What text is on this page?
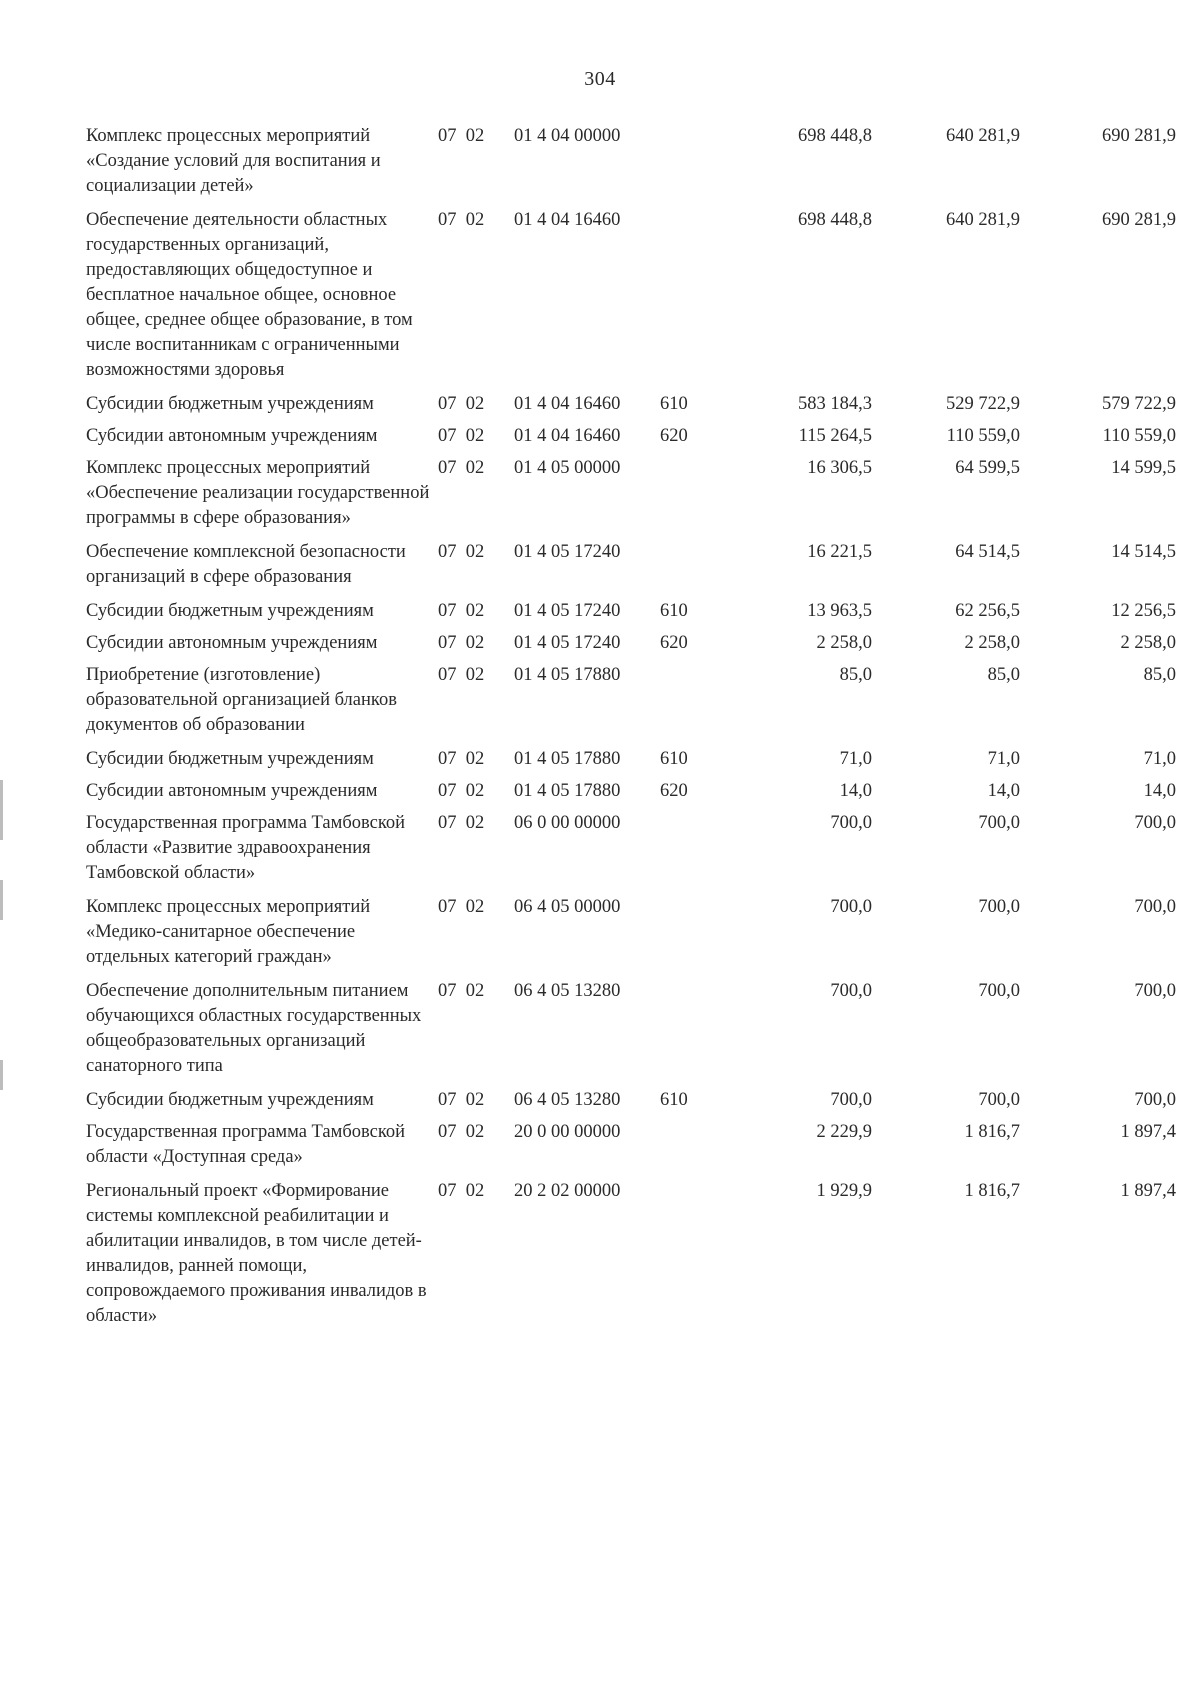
304
Комплекс процессных мероприятий «Создание условий для воспитания и социализации детей»	07  02	01 4 04 00000		698 448,8	640 281,9	690 281,9
Обеспечение деятельности областных государственных организаций, предоставляющих общедоступное и бесплатное начальное общее, основное общее, среднее общее образование, в том числе воспитанникам с ограниченными возможностями здоровья	07  02	01 4 04 16460		698 448,8	640 281,9	690 281,9
Субсидии бюджетным учреждениям	07  02	01 4 04 16460	610	583 184,3	529 722,9	579 722,9
Субсидии автономным учреждениям	07  02	01 4 04 16460	620	115 264,5	110 559,0	110 559,0
Комплекс процессных мероприятий «Обеспечение реализации государственной программы в сфере образования»	07  02	01 4 05 00000		16 306,5	64 599,5	14 599,5
Обеспечение комплексной безопасности организаций в сфере образования	07  02	01 4 05 17240		16 221,5	64 514,5	14 514,5
Субсидии бюджетным учреждениям	07  02	01 4 05 17240	610	13 963,5	62 256,5	12 256,5
Субсидии автономным учреждениям	07  02	01 4 05 17240	620	2 258,0	2 258,0	2 258,0
Приобретение (изготовление) образовательной организацией бланков документов об образовании	07  02	01 4 05 17880		85,0	85,0	85,0
Субсидии бюджетным учреждениям	07  02	01 4 05 17880	610	71,0	71,0	71,0
Субсидии автономным учреждениям	07  02	01 4 05 17880	620	14,0	14,0	14,0
Государственная программа Тамбовской области «Развитие здравоохранения Тамбовской области»	07  02	06 0 00 00000		700,0	700,0	700,0
Комплекс процессных мероприятий «Медико-санитарное обеспечение отдельных категорий граждан»	07  02	06 4 05 00000		700,0	700,0	700,0
Обеспечение дополнительным питанием обучающихся областных государственных общеобразовательных организаций санаторного типа	07  02	06 4 05 13280		700,0	700,0	700,0
Субсидии бюджетным учреждениям	07  02	06 4 05 13280	610	700,0	700,0	700,0
Государственная программа Тамбовской области «Доступная среда»	07  02	20 0 00 00000		2 229,9	1 816,7	1 897,4
Региональный проект «Формирование системы комплексной реабилитации и абилитации инвалидов, в том числе детей-инвалидов, ранней помощи, сопровождаемого проживания инвалидов в области»	07  02	20 2 02 00000		1 929,9	1 816,7	1 897,4
